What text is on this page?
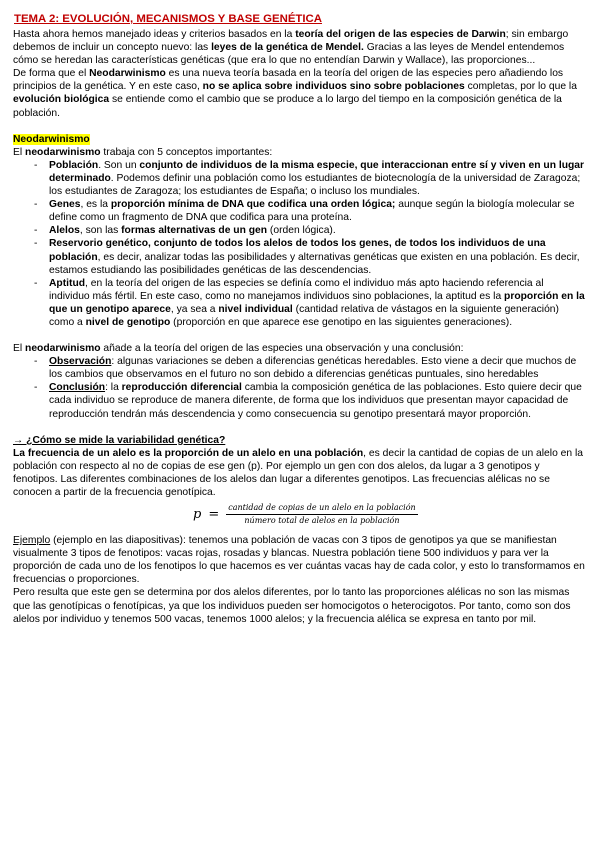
TEMA 2: EVOLUCIÓN, MECANISMOS Y BASE GENÉTICA

Hasta ahora hemos manejado ideas y criterios basados en la teoría del origen de las especies de Darwin; sin embargo debemos de incluir un concepto nuevo: las leyes de la genética de Mendel. Gracias a las leyes de Mendel entendemos cómo se heredan las características genéticas (que era lo que no entendían Darwin y Wallace), las proporciones...

De forma que el Neodarwinismo es una nueva teoría basada en la teoría del origen de las especies pero añadiendo los principios de la genética. Y en este caso, no se aplica sobre individuos sino sobre poblaciones completas, por lo que la evolución biológica se entiende como el cambio que se produce a lo largo del tiempo en la composición genética de la población.

Neodarwinismo

El neodarwinismo trabaja con 5 conceptos importantes:

- Población. Son un conjunto de individuos de la misma especie, que interaccionan entre sí y viven en un lugar determinado. Podemos definir una población como los estudiantes de biotecnología de la universidad de Zaragoza; los estudiantes de Zaragoza; los estudiantes de España; o incluso los mundiales.
- Genes, es la proporción mínima de DNA que codifica una orden lógica; aunque según la biología molecular se define como un fragmento de DNA que codifica para una proteína.
- Alelos, son las formas alternativas de un gen (orden lógica).
- Reservorio genético, conjunto de todos los alelos de todos los genes, de todos los individuos de una población, es decir, analizar todas las posibilidades y alternativas genéticas que existen en una población. Es decir, estamos estudiando las posibilidades genéticas de las descendencias.
- Aptitud, en la teoría del origen de las especies se definía como el individuo más apto haciendo referencia al individuo más fértil. En este caso, como no manejamos individuos sino poblaciones, la aptitud es la proporción en la que un genotipo aparece, ya sea a nivel individual (cantidad relativa de vástagos en la siguiente generación) como a nivel de genotipo (proporción en que aparece ese genotipo en las siguientes generaciones).

El neodarwinismo añade a la teoría del origen de las especies una observación y una conclusión:

- Observación: algunas variaciones se deben a diferencias genéticas heredables. Esto viene a decir que muchos de los cambios que observamos en el futuro no son debido a diferencias genéticas puntuales, sino heredables
- Conclusión: la reproducción diferencial cambia la composición genética de las poblaciones. Esto quiere decir que cada individuo se reproduce de manera diferente, de forma que los individuos que presentan mayor capacidad de reproducción tendrán más descendencia y como consecuencia su genotipo presentará mayor proporción.

→ ¿Cómo se mide la variabilidad genética?

La frecuencia de un alelo es la proporción de un alelo en una población, es decir la cantidad de copias de un alelo en la población con respecto al no de copias de ese gen (p). Por ejemplo un gen con dos alelos, da lugar a 3 genotipos y fenotipos. Las diferentes combinaciones de los alelos dan lugar a diferentes genotipos. Las frecuencias alélicas no se conocen a partir de la frecuencia genotípica.

$p = \frac{\text{cantidad de copias de un alelo en la población}}{\text{número total de alelos en la población}}$

Ejemplo (ejemplo en las diapositivas): tenemos una población de vacas con 3 tipos de genotipos ya que se manifiestan visualmente 3 tipos de fenotipos: vacas rojas, rosadas y blancas. Nuestra población tiene 500 individuos y para ver la proporción de cada uno de los fenotipos lo que hacemos es ver cuántas vacas hay de cada color, y esto lo transformamos en frecuencias o proporciones.

Pero resulta que este gen se determina por dos alelos diferentes, por lo tanto las proporciones alélicas no son las mismas que las genotípicas o fenotípicas, ya que los individuos pueden ser homocigotos o heterocigotos. Por tanto, como son dos alelos por individuo y tenemos 500 vacas, tenemos 1000 alelos; y la frecuencia alélica se expresa en tanto por mil.
